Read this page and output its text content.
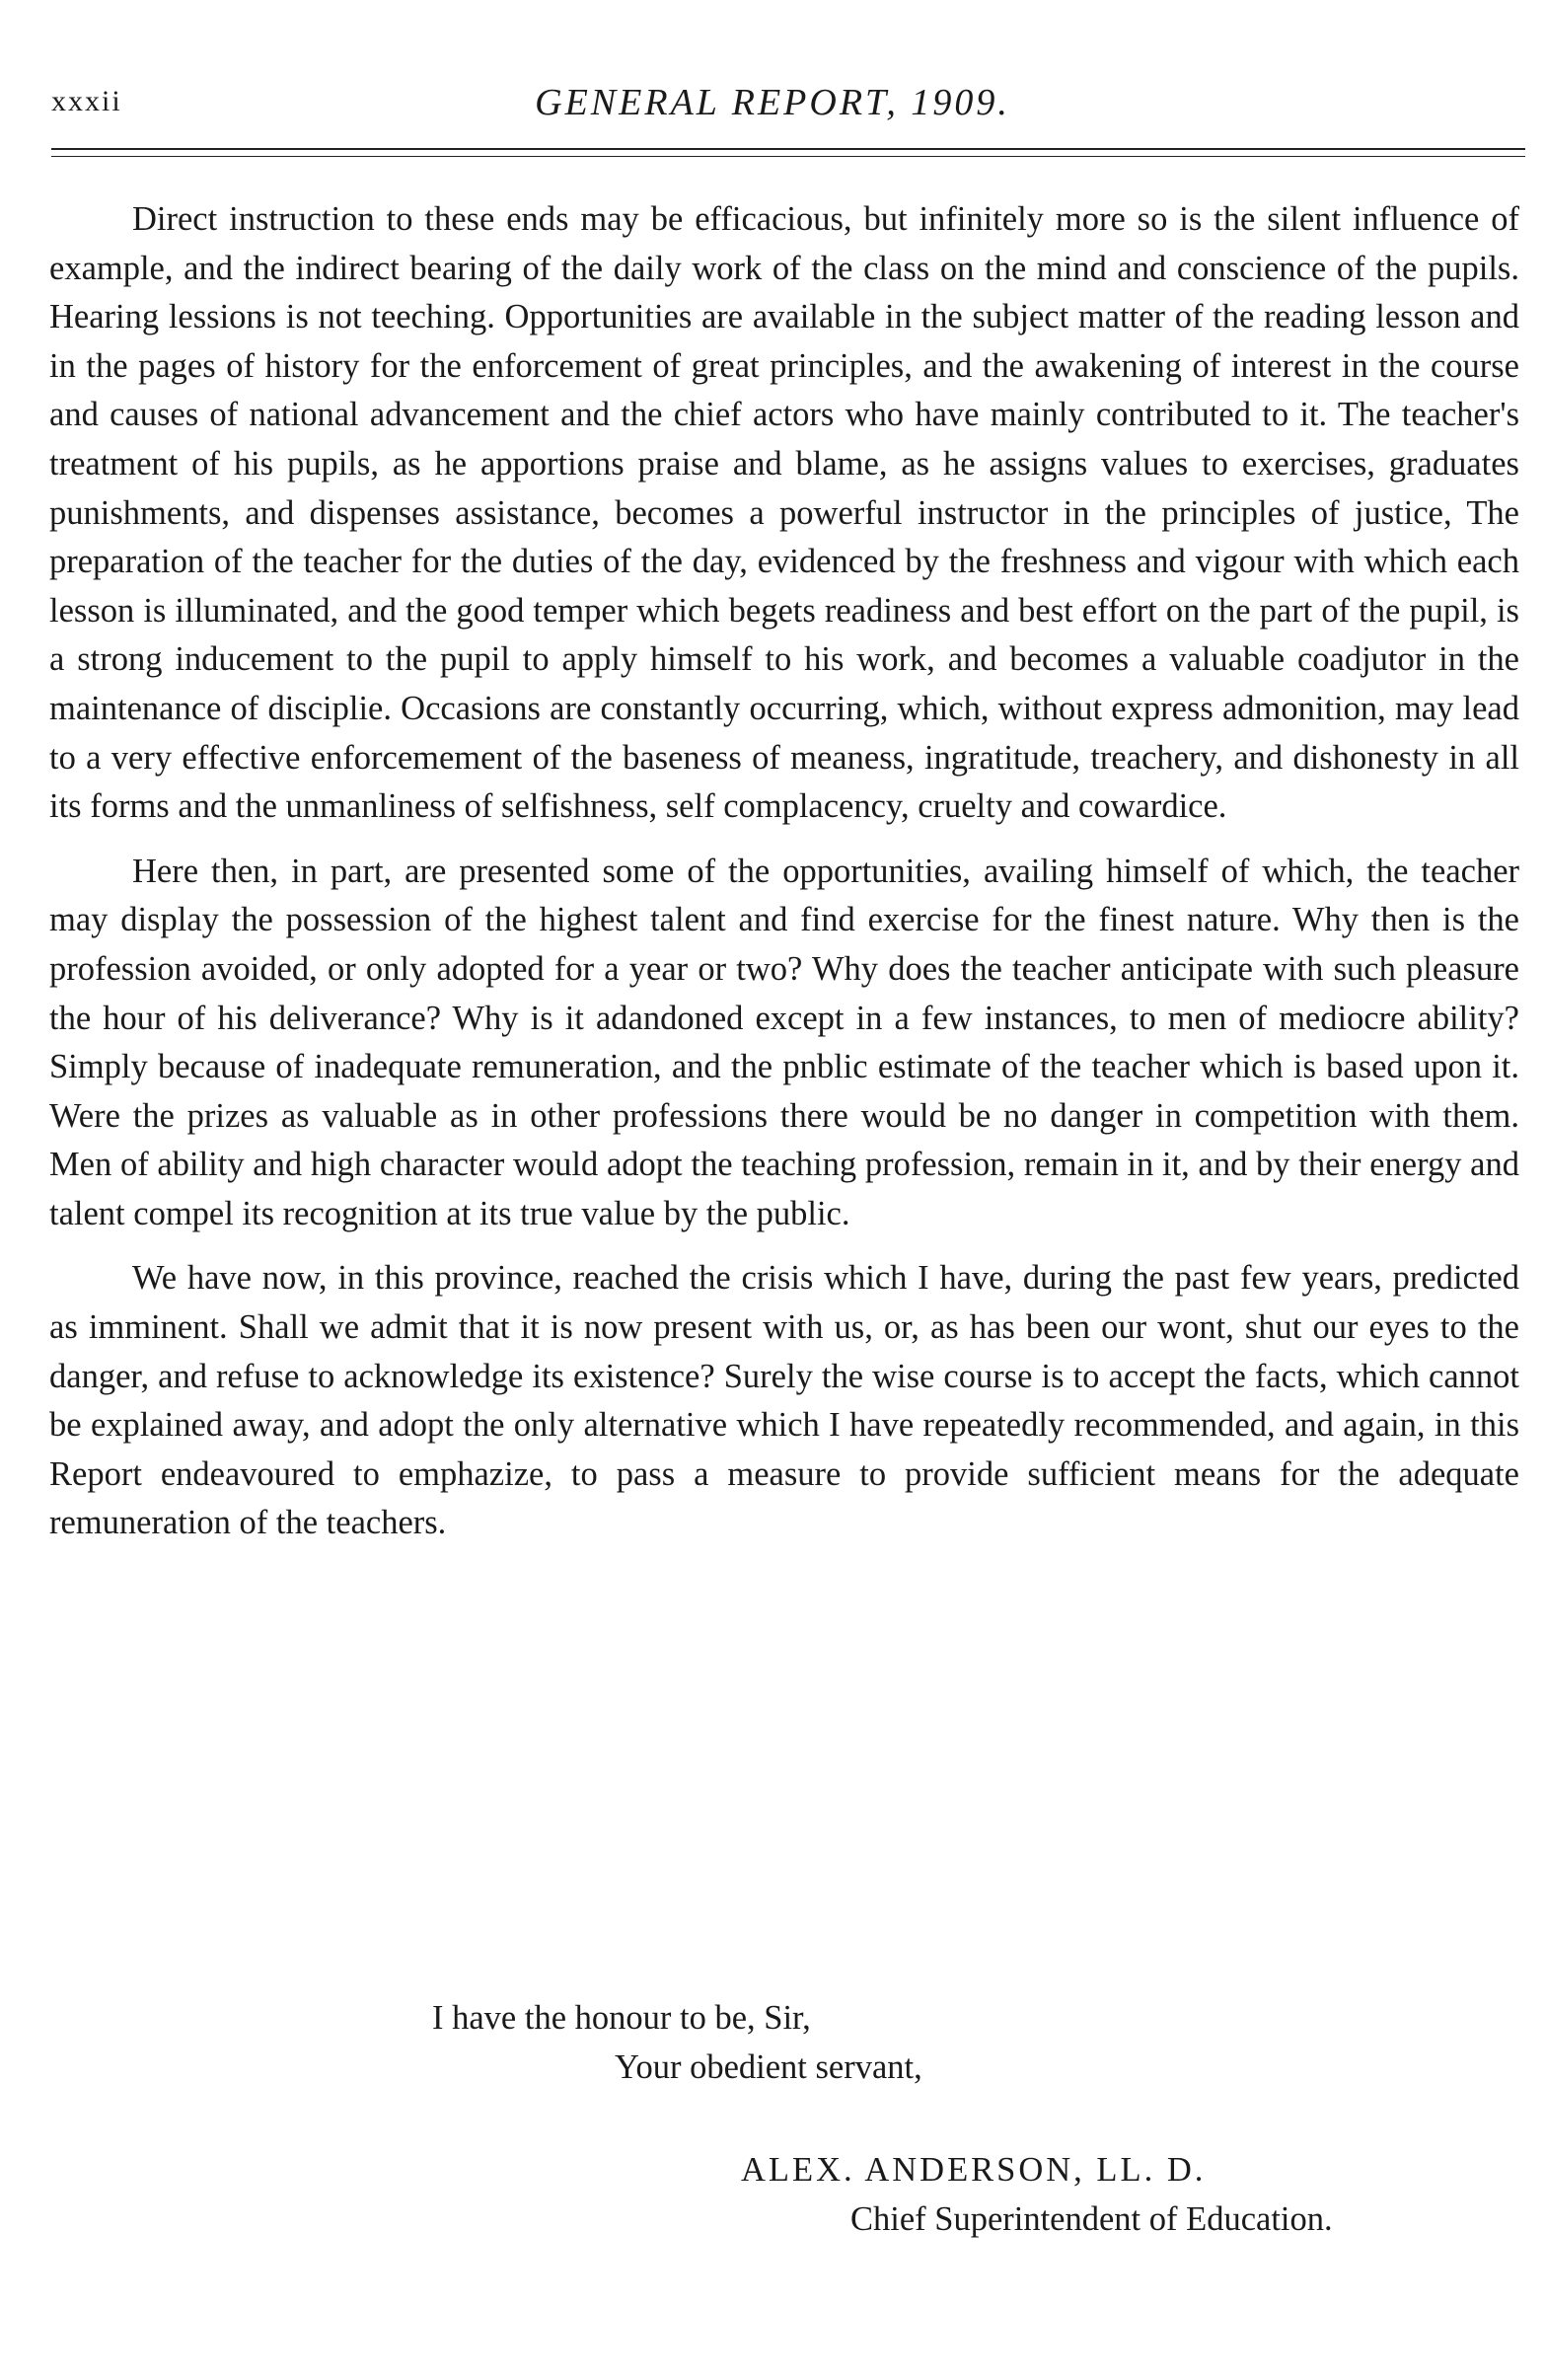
xxxii	GENERAL REPORT, 1909.

Direct instruction to these ends may be efficacious, but infinitely more so is the silent influence of example, and the indirect bearing of the daily work of the class on the mind and conscience of the pupils. Hearing lessions is not teeching. Opportunities are available in the subject matter of the reading lesson and in the pages of history for the enforcement of great principles, and the awakening of interest in the course and causes of national advancement and the chief actors who have mainly contributed to it. The teacher's treatment of his pupils, as he apportions praise and blame, as he assigns values to exercises, graduates punishments, and dispenses assistance, becomes a powerful instructor in the principles of justice, The preparation of the teacher for the duties of the day, evidenced by the freshness and vigour with which each lesson is illuminated, and the good temper which begets readiness and best effort on the part of the pupil, is a strong inducement to the pupil to apply himself to his work, and becomes a valuable coadjutor in the maintenance of disciplie. Occasions are constantly occurring, which, without express admonition, may lead to a very effective enforcemement of the baseness of meaness, ingratitude, treachery, and dishonesty in all its forms and the unmanliness of selfishness, self complacency, cruelty and cowardice.

Here then, in part, are presented some of the opportunities, availing himself of which, the teacher may display the possession of the highest talent and find exercise for the finest nature. Why then is the profession avoided, or only adopted for a year or two? Why does the teacher anticipate with such pleasure the hour of his deliverance? Why is it adandoned except in a few instances, to men of mediocre ability? Simply because of inadequate remuneration, and the pnblic estimate of the teacher which is based upon it. Were the prizes as valuable as in other professions there would be no danger in competition with them. Men of ability and high character would adopt the teaching profession, remain in it, and by their energy and talent compel its recognition at its true value by the public.

We have now, in this province, reached the crisis which I have, during the past few years, predicted as imminent. Shall we admit that it is now present with us, or, as has been our wont, shut our eyes to the danger, and refuse to acknowledge its existence? Surely the wise course is to accept the facts, which cannot be explained away, and adopt the only alternative which I have repeatedly recommended, and again, in this Report endeavoured to emphazize, to pass a measure to provide sufficient means for the adequate remuneration of the teachers.

I have the honour to be, Sir,
Your obedient servant,
ALEX. ANDERSON, LL. D.
Chief Superintendent of Education.
